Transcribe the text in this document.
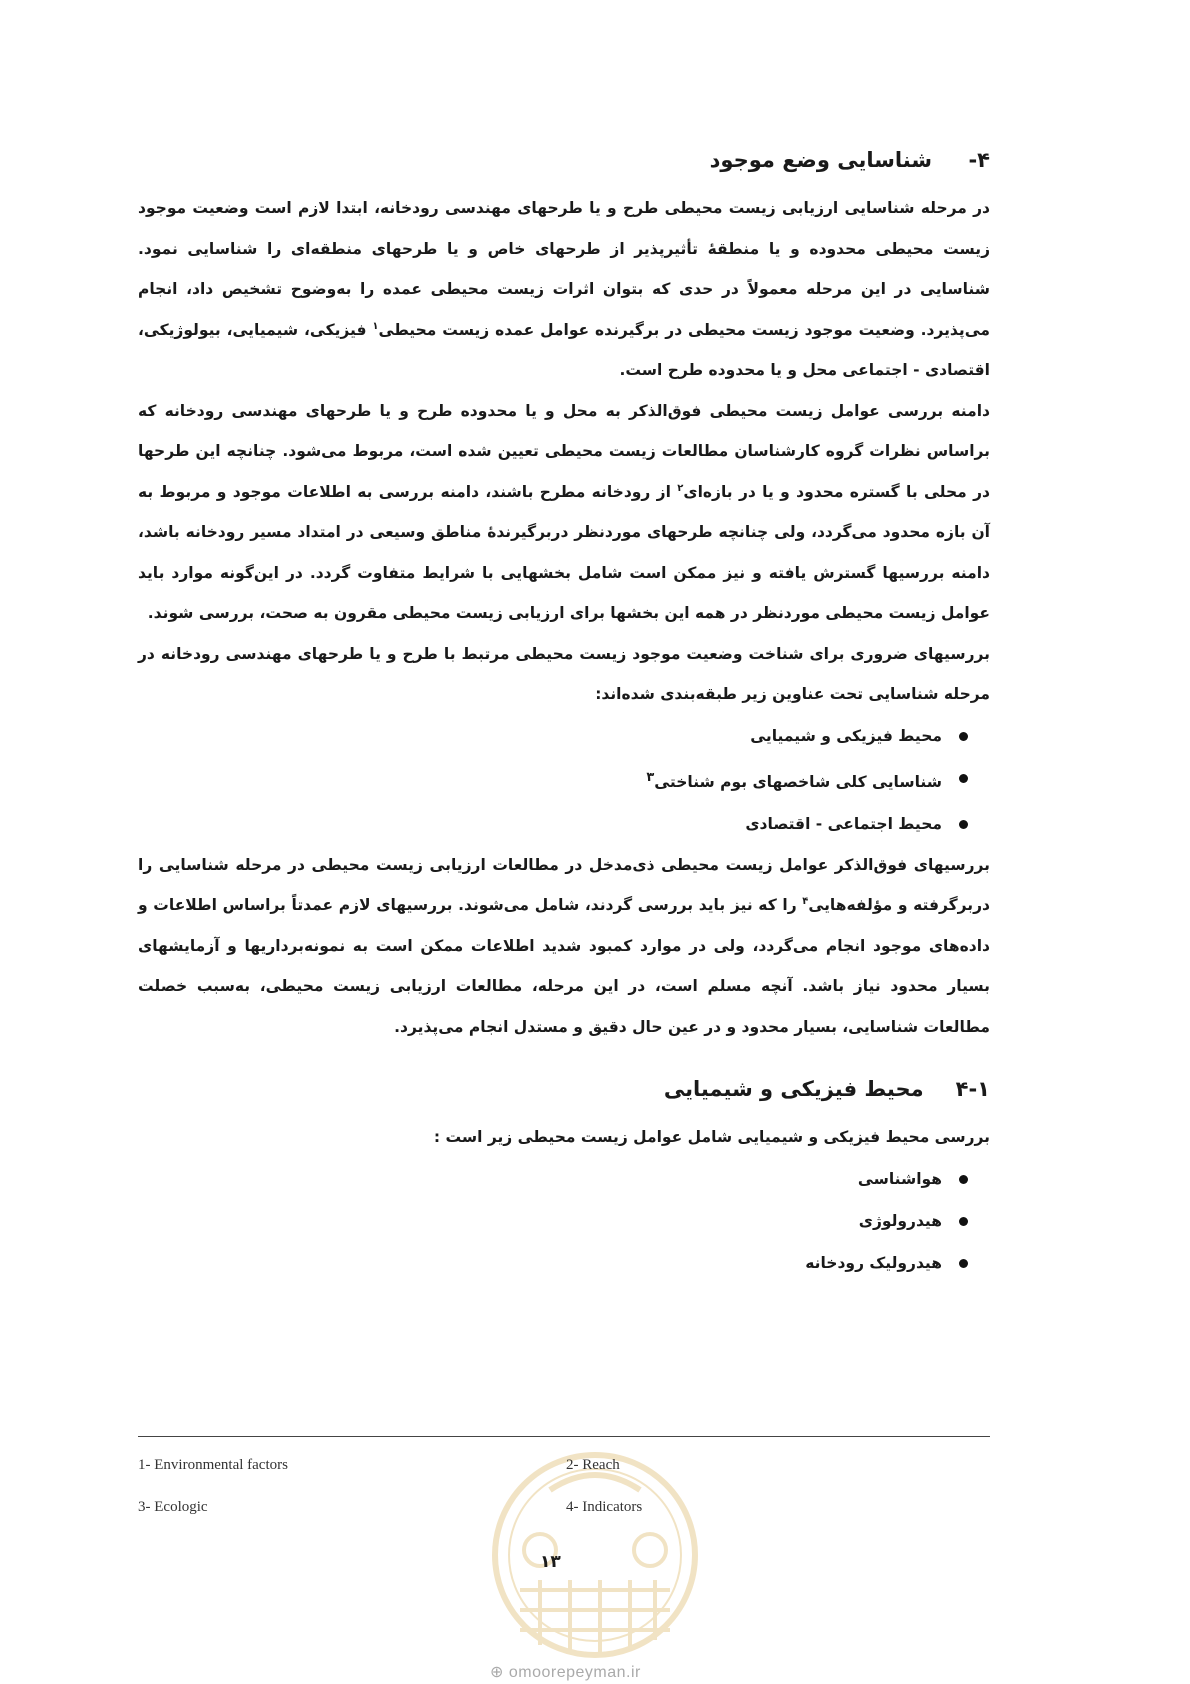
۴-
شناسایی وضع موجود

در مرحله شناسایی ارزیابی زیست محیطی طرح و یا طرحهای مهندسی رودخانه، ابتدا لازم است وضعیت موجود زیست محیطی محدوده و یا منطقهٔ تأثیرپذیر از طرحهای خاص و یا طرحهای منطقه‌ای را شناسایی نمود. شناسایی در این مرحله معمولاً در حدی که بتوان اثرات زیست محیطی عمده را به‌وضوح تشخیص داد، انجام می‌پذیرد. وضعیت موجود زیست محیطی در برگیرنده عوامل عمده زیست محیطی$^۱$ فیزیکی، شیمیایی، بیولوژیکی، اقتصادی - اجتماعی محل و یا محدوده طرح است.

دامنه بررسی عوامل زیست محیطی فوق‌الذکر به محل و یا محدوده طرح و یا طرحهای مهندسی رودخانه که براساس نظرات گروه کارشناسان مطالعات زیست محیطی تعیین شده است، مربوط می‌شود. چنانچه این طرحها در محلی با گستره محدود و یا در بازه‌ای$^۲$ از رودخانه مطرح باشند، دامنه بررسی به اطلاعات موجود و مربوط به آن بازه محدود می‌گردد، ولی چنانچه طرحهای موردنظر دربرگیرندهٔ مناطق وسیعی در امتداد مسیر رودخانه باشد، دامنه بررسیها گسترش یافته و نیز ممکن است شامل بخشهایی با شرایط متفاوت گردد. در این‌گونه موارد باید عوامل زیست محیطی موردنظر در همه این بخشها برای ارزیابی زیست محیطی مقرون به صحت، بررسی شوند.

بررسیهای ضروری برای شناخت وضعیت موجود زیست محیطی مرتبط با طرح و یا طرحهای مهندسی رودخانه در مرحله شناسایی تحت عناوین زیر طبقه‌بندی شده‌اند:

محیط فیزیکی و شیمیایی
شناسایی کلی شاخصهای بوم شناختی$^۳$
محیط اجتماعی - اقتصادی

بررسیهای فوق‌الذکر عوامل زیست محیطی ذی‌مدخل در مطالعات ارزیابی زیست محیطی در مرحله شناسایی را دربرگرفته و مؤلفه‌هایی$^۴$ را که نیز باید بررسی گردند، شامل می‌شوند. بررسیهای لازم عمدتاً براساس اطلاعات و داده‌های موجود انجام می‌گردد، ولی در موارد کمبود شدید اطلاعات ممکن است به نمونه‌برداریها و آزمایشهای بسیار محدود نیاز باشد. آنچه مسلم است، در این مرحله، مطالعات ارزیابی زیست محیطی، به‌سبب خصلت مطالعات شناسایی، بسیار محدود و در عین حال دقیق و مستدل انجام می‌پذیرد.

۴-۱
محیط فیزیکی و شیمیایی

بررسی محیط فیزیکی و شیمیایی شامل عوامل زیست محیطی زیر است :

هواشناسی
هیدرولوژی
هیدرولیک رودخانه
1- Environmental factors	2- Reach
3- Ecologic	4- Indicators
۱۳
⊕ omoorepeyman.ir
